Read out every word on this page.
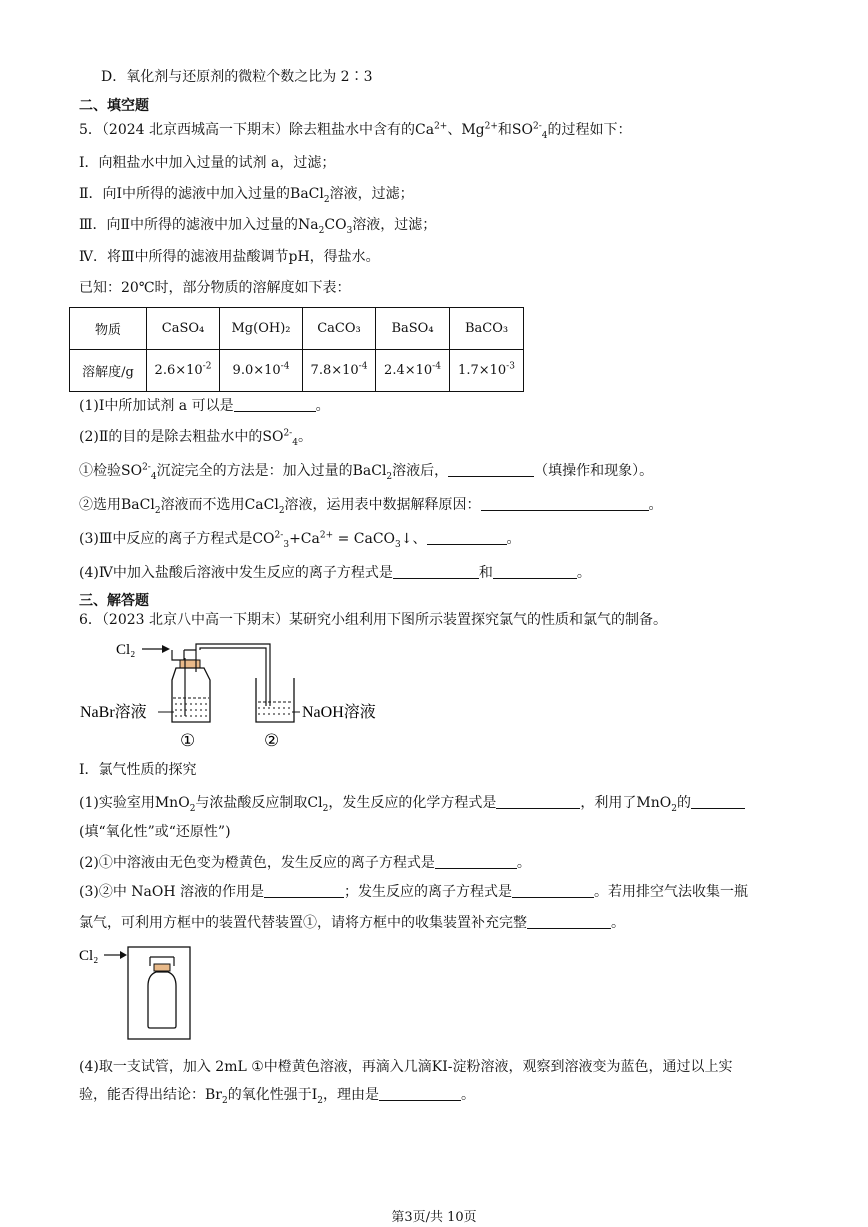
D．氧化剂与还原剂的微粒个数之比为 2∶3
二、填空题
5．（2024 北京西城高一下期末）除去粗盐水中含有的$Ca^{2+}$、$Mg^{2+}$和$SO^{2-}_4$的过程如下：
Ⅰ．向粗盐水中加入过量的试剂 a，过滤；
Ⅱ．向Ⅰ中所得的滤液中加入过量的BaCl$_2$溶液，过滤；
Ⅲ．向Ⅱ中所得的滤液中加入过量的$Na_2CO_3$溶液，过滤；
Ⅳ．将Ⅲ中所得的滤液用盐酸调节pH，得盐水。
已知：20℃时，部分物质的溶解度如下表：
物质	CaSO₄	Mg(OH)₂	CaCO₃	BaSO₄	BaCO₃
溶解度/g	$2.6\times 10^{-2}$	$9.0\times 10^{-4}$	$7.8\times 10^{-4}$	$2.4\times 10^{-4}$	$1.7\times 10^{-3}$
(1)Ⅰ中所加试剂 a 可以是	。
(2)Ⅱ的目的是除去粗盐水中的$SO^{2-}_4$。
①检验$SO^{2-}_4$沉淀完全的方法是：加入过量的BaCl$_2$溶液后，	（填操作和现象）。
②选用BaCl$_2$溶液而不选用CaCl$_2$溶液，运用表中数据解释原因：	。
(3)Ⅲ中反应的离子方程式是$CO^{2-}_3+Ca^{2+}$ = CaCO$_3$↓、	。
(4)Ⅳ中加入盐酸后溶液中发生反应的离子方程式是	和	。
三、解答题
6．（2023 北京八中高一下期末）某研究小组利用下图所示装置探究氯气的性质和氯气的制备。
Cl₂
NaBr溶液	NaOH溶液
①	②
Ⅰ．氯气性质的探究
(1)实验室用MnO$_2$与浓盐酸反应制取$Cl_2$，发生反应的化学方程式是	，利用了MnO$_2$的
(填“氧化性”或“还原性”)
(2)①中溶液由无色变为橙黄色，发生反应的离子方程式是	。
(3)②中 NaOH 溶液的作用是	；发生反应的离子方程式是	。若用排空气法收集一瓶
氯气，可利用方框中的装置代替装置①，请将方框中的收集装置补充完整	。
Cl₂
(4)取一支试管，加入 2mL ①中橙黄色溶液，再滴入几滴KI-淀粉溶液，观察到溶液变为蓝色，通过以上实
验，能否得出结论：$Br_2$的氧化性强于$I_2$，理由是	。
第3页/共 10页
